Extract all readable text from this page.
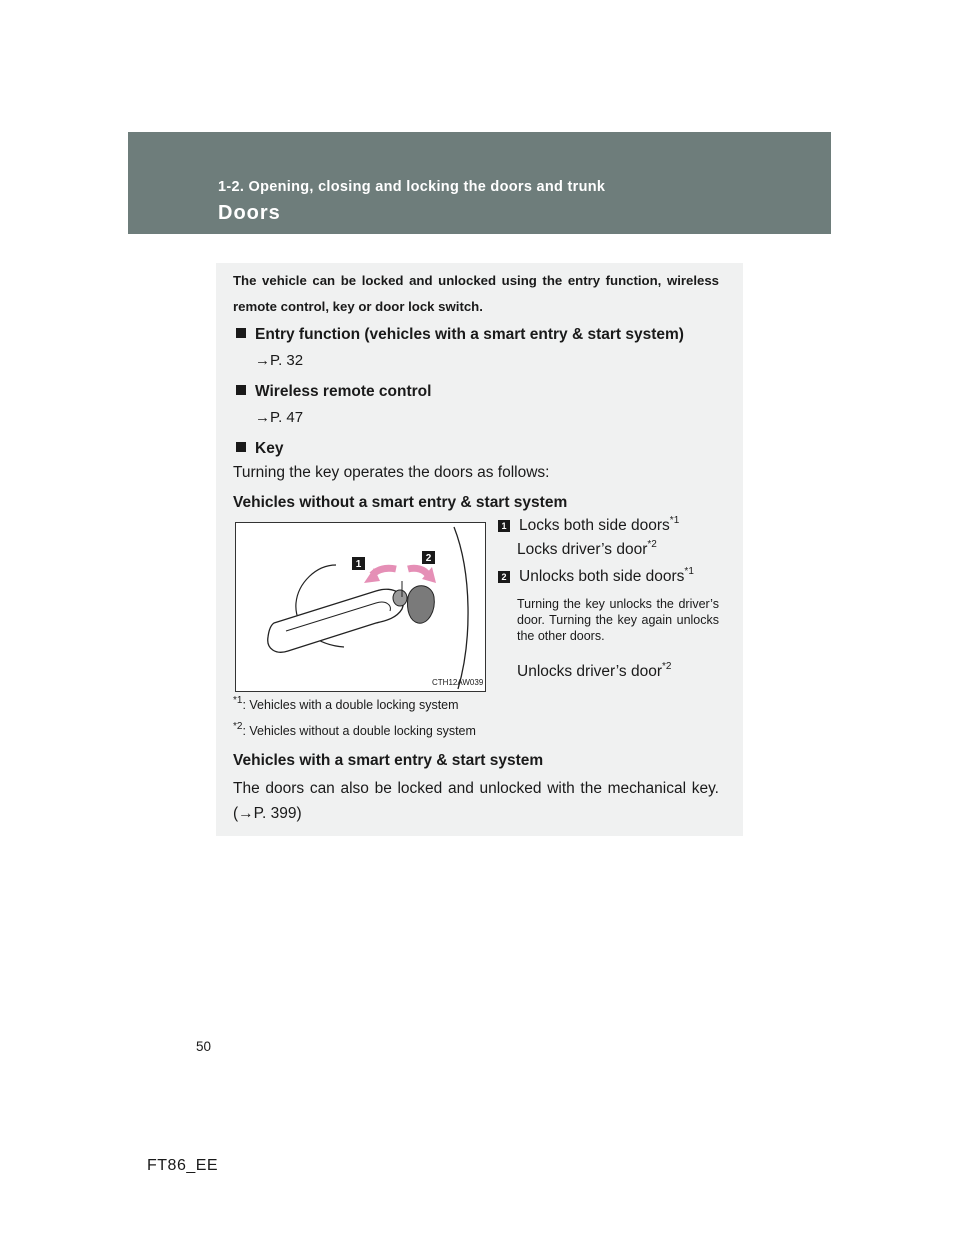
1-2. Opening, closing and locking the doors and trunk
Doors
The vehicle can be locked and unlocked using the entry function, wireless remote control, key or door lock switch.
Entry function (vehicles with a smart entry & start system)
→P. 32
Wireless remote control
→P. 47
Key
Turning the key operates the doors as follows:
Vehicles without a smart entry & start system
1
2
CTH12AW039
1 Locks both side doors$^{*1}$
Locks driver’s door$^{*2}$
2 Unlocks both side doors$^{*1}$
Turning the key unlocks the driver’s door. Turning the key again unlocks the other doors.
Unlocks driver’s door$^{*2}$
$^{*1}$: Vehicles with a double locking system
$^{*2}$: Vehicles without a double locking system
Vehicles with a smart entry & start system
The doors can also be locked and unlocked with the mechanical key. (→P. 399)
50
FT86_EE
